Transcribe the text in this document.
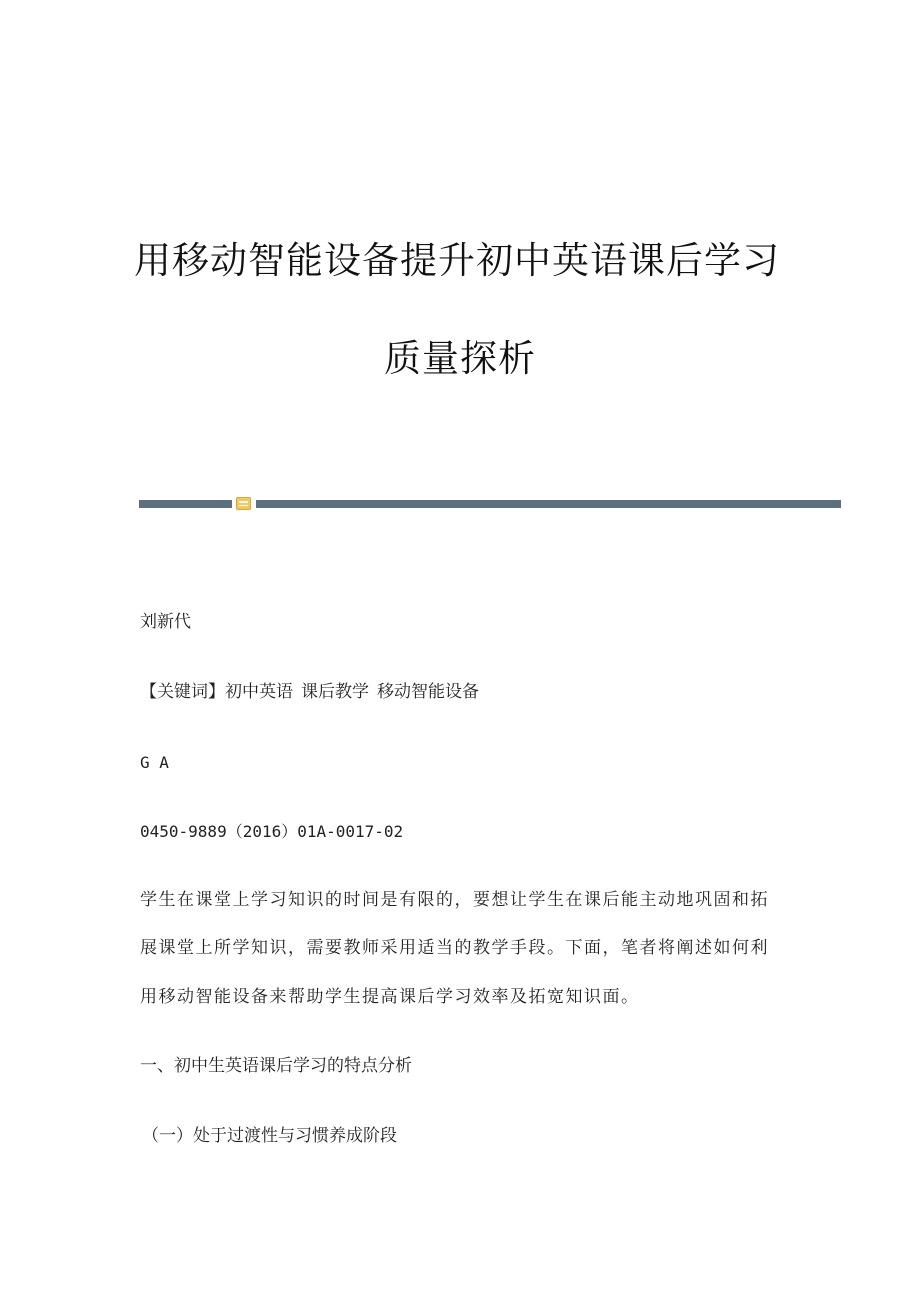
用移动智能设备提升初中英语课后学习
质量探析
刘新代
【关键词】初中英语 课后教学 移动智能设备
G A
0450-9889（2016）01A-0017-02
学生在课堂上学习知识的时间是有限的，要想让学生在课后能主动地巩固和拓
展课堂上所学知识，需要教师采用适当的教学手段。下面，笔者将阐述如何利
用移动智能设备来帮助学生提高课后学习效率及拓宽知识面。
一、初中生英语课后学习的特点分析
（一）处于过渡性与习惯养成阶段
